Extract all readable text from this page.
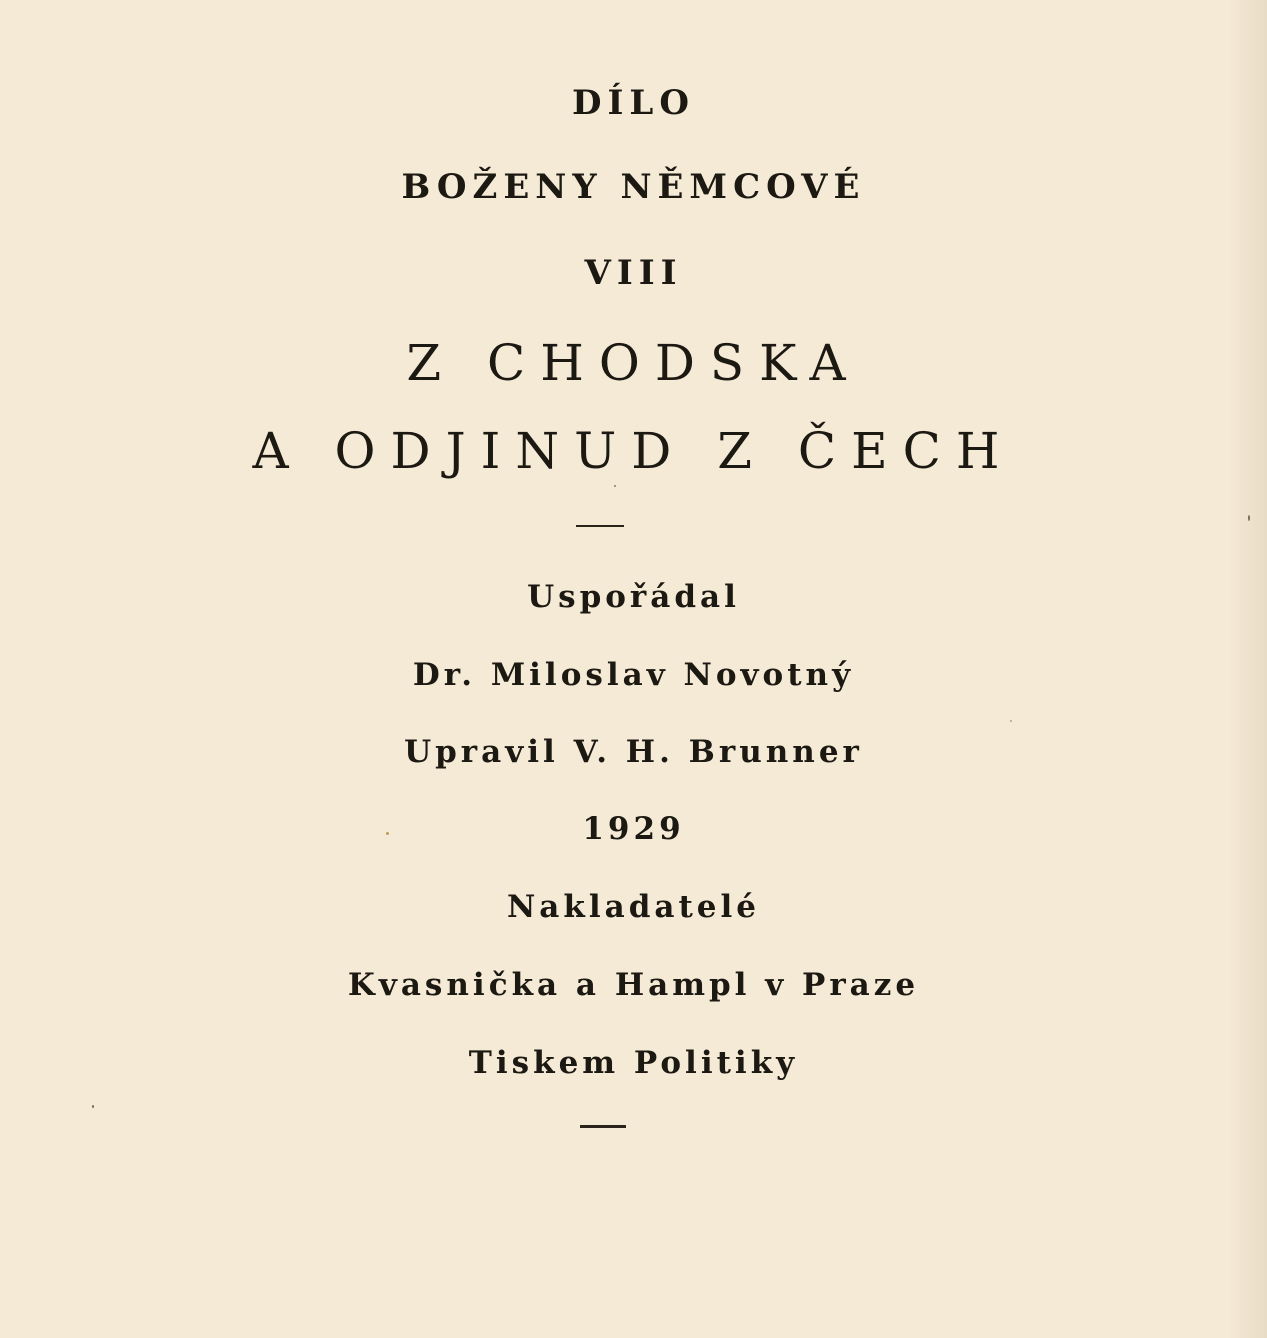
DÍLO
BOŽENY NĚMCOVÉ
VIII
Z CHODSKA
A ODJINUD Z ČECH
Uspořádal
Dr. Miloslav Novotný
Upravil V. H. Brunner
1929
Nakladatelé
Kvasnička a Hampl v Praze
Tiskem Politiky
